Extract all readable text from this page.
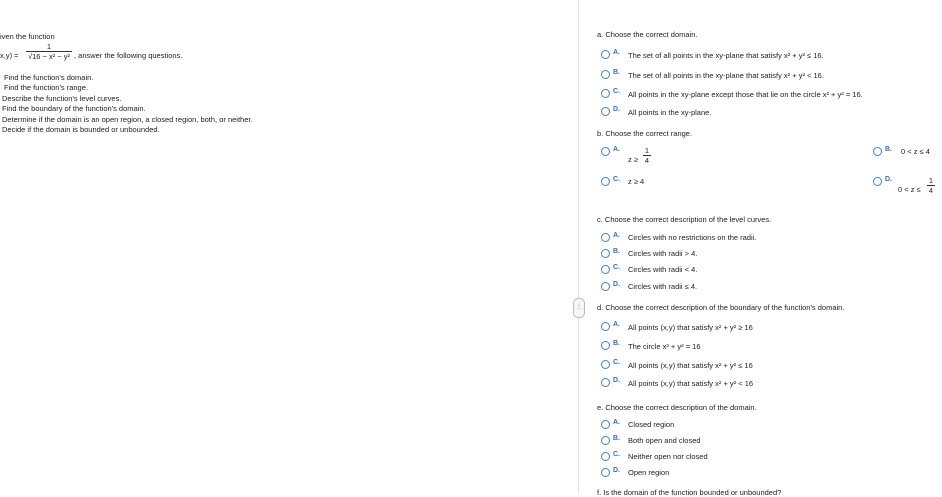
iven the function
x,y) =
1
√16 − x² − y² , answer the following questions.
Find the function's domain.
Find the function's range.
Describe the function's level curves.
Find the boundary of the function's domain.
Determine if the domain is an open region, a closed region, both, or neither.
Decide if the domain is bounded or unbounded.
⋮
a. Choose the correct domain.
A. The set of all points in the xy-plane that satisfy x² + y² ≤ 16.
B. The set of all points in the xy-plane that satisfy x² + y² < 16.
C. All points in the xy-plane except those that lie on the circle x² + y² = 16.
D. All points in the xy-plane.
b. Choose the correct range.
A.
z ≥
1
4
B. 0 < z ≤ 4
C. z ≥ 4	D.
0 < z ≤
1
4
c. Choose the correct description of the level curves.
A. Circles with no restrictions on the radii.
B. Circles with radii > 4.
C. Circles with radii < 4.
D. Circles with radii ≤ 4.
d. Choose the correct description of the boundary of the function's domain.
A. All points (x,y) that satisfy x² + y² ≥ 16
B. The circle x² + y² = 16
C. All points (x,y) that satisfy x² + y² ≤ 16
D. All points (x,y) that satisfy x² + y² < 16
e. Choose the correct description of the domain.
A. Closed region
B. Both open and closed
C. Neither open nor closed
D. Open region
f. Is the domain of the function bounded or unbounded?
